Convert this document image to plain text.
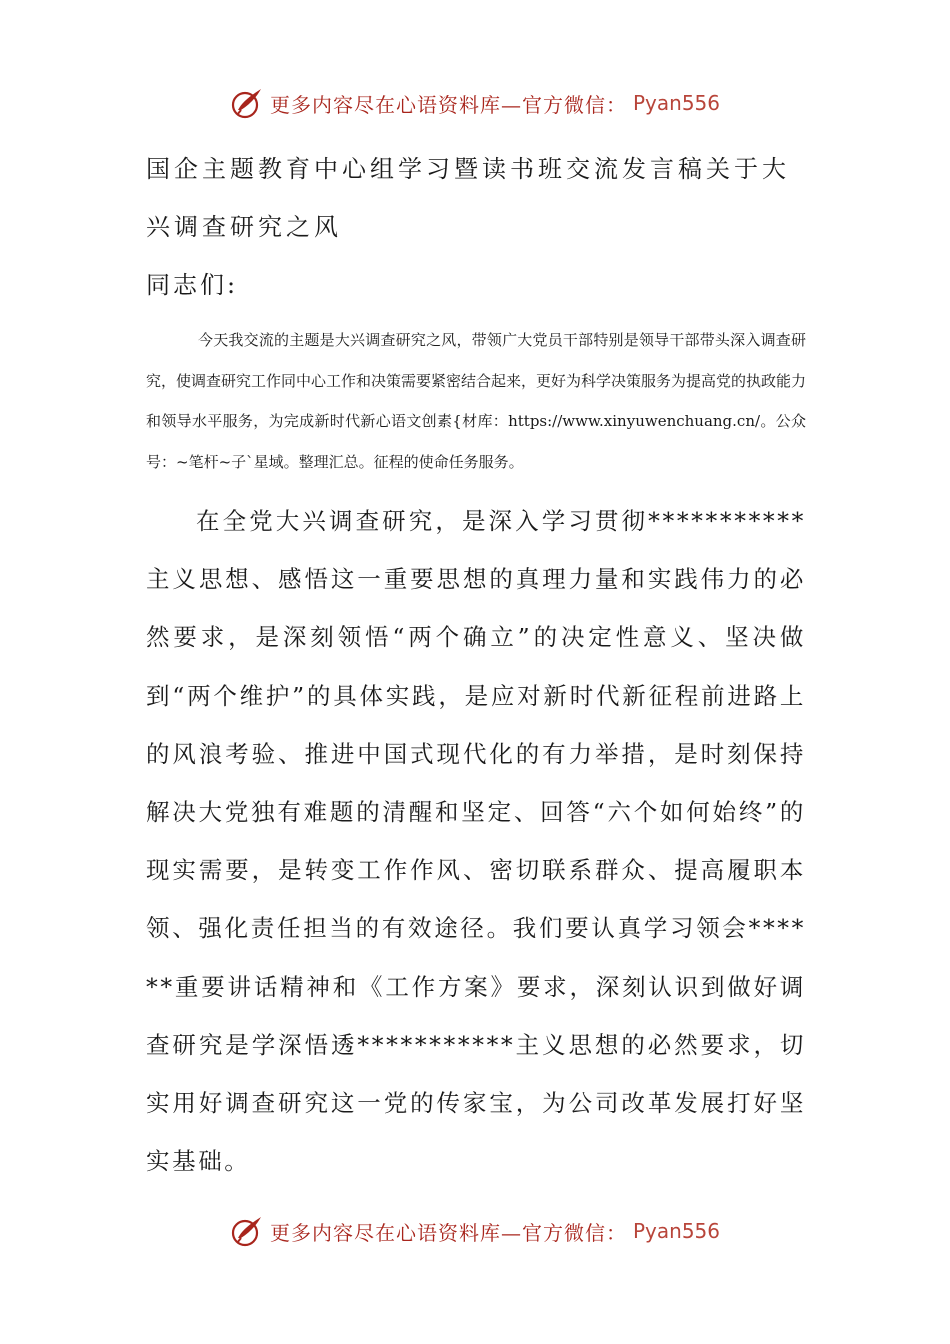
更多内容尽在心语资料库—官方微信： Pyan556
国企主题教育中心组学习暨读书班交流发言稿关于大兴调查研究之风

同志们:

今天我交流的主题是大兴调查研究之风，带领广大党员干部特别是领导干部带头深入调查研究，使调查研究工作同中心工作和决策需要紧密结合起来，更好为科学决策服务为提高党的执政能力和领导水平服务，为完成新时代新心语文创素{材库：https://www.xinyuwenchuang.cn/。公众号：~笔杆~子`星域。整理汇总。征程的使命任务服务。

在全党大兴调查研究，是深入学习贯彻***********主义思想、感悟这一重要思想的真理力量和实践伟力的必然要求，是深刻领悟“两个确立”的决定性意义、坚决做到“两个维护”的具体实践，是应对新时代新征程前进路上的风浪考验、推进中国式现代化的有力举措，是时刻保持解决大党独有难题的清醒和坚定、回答“六个如何始终”的现实需要，是转变工作作风、密切联系群众、提高履职本领、强化责任担当的有效途径。我们要认真学习领会******重要讲话精神和《工作方案》要求，深刻认识到做好调查研究是学深悟透***********主义思想的必然要求，切实用好调查研究这一党的传家宝，为公司改革发展打好坚实基础。

更多内容尽在心语资料库—官方微信： Pyan556
